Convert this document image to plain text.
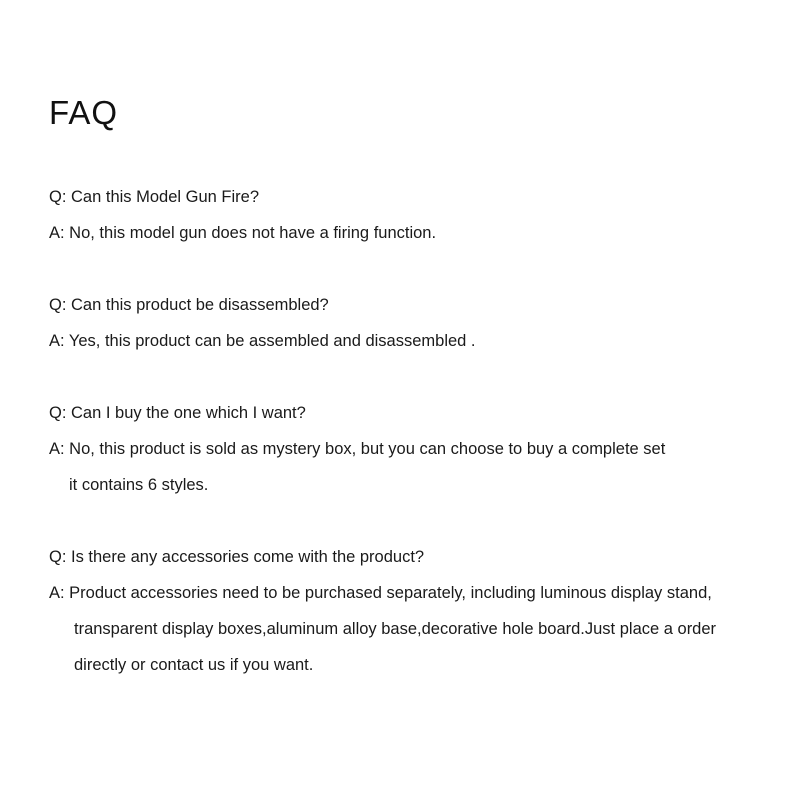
FAQ

Q: Can this Model Gun Fire?

A: No, this model gun does not have a firing function.

Q: Can this product be disassembled?

A: Yes, this product can be assembled and disassembled .

Q: Can I buy the one which I want?

A: No, this product is sold as mystery box, but you can choose to buy a complete set

it contains 6 styles.

Q: Is there any accessories come with the product?

A: Product accessories need to be purchased separately, including luminous display stand,

transparent display boxes,aluminum alloy base,decorative hole board.Just place a order

directly or contact us if you want.
